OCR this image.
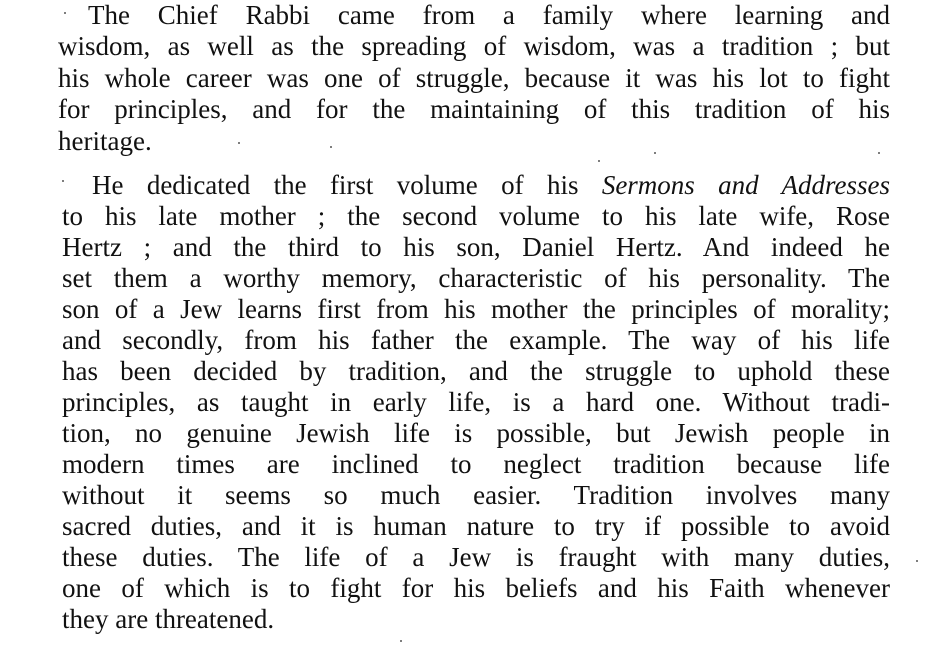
The Chief Rabbi came from a family where learning and
wisdom, as well as the spreading of wisdom, was a tradition ; but
his whole career was one of struggle, because it was his lot to fight
for principles, and for the maintaining of this tradition of his
heritage.
He dedicated the first volume of his Sermons and Addresses
to his late mother ; the second volume to his late wife, Rose
Hertz ; and the third to his son, Daniel Hertz. And indeed he
set them a worthy memory, characteristic of his personality. The
son of a Jew learns first from his mother the principles of morality;
and secondly, from his father the example. The way of his life
has been decided by tradition, and the struggle to uphold these
principles, as taught in early life, is a hard one. Without tradi-
tion, no genuine Jewish life is possible, but Jewish people in
modern times are inclined to neglect tradition because life
without it seems so much easier. Tradition involves many
sacred duties, and it is human nature to try if possible to avoid
these duties. The life of a Jew is fraught with many duties,
one of which is to fight for his beliefs and his Faith whenever
they are threatened.
